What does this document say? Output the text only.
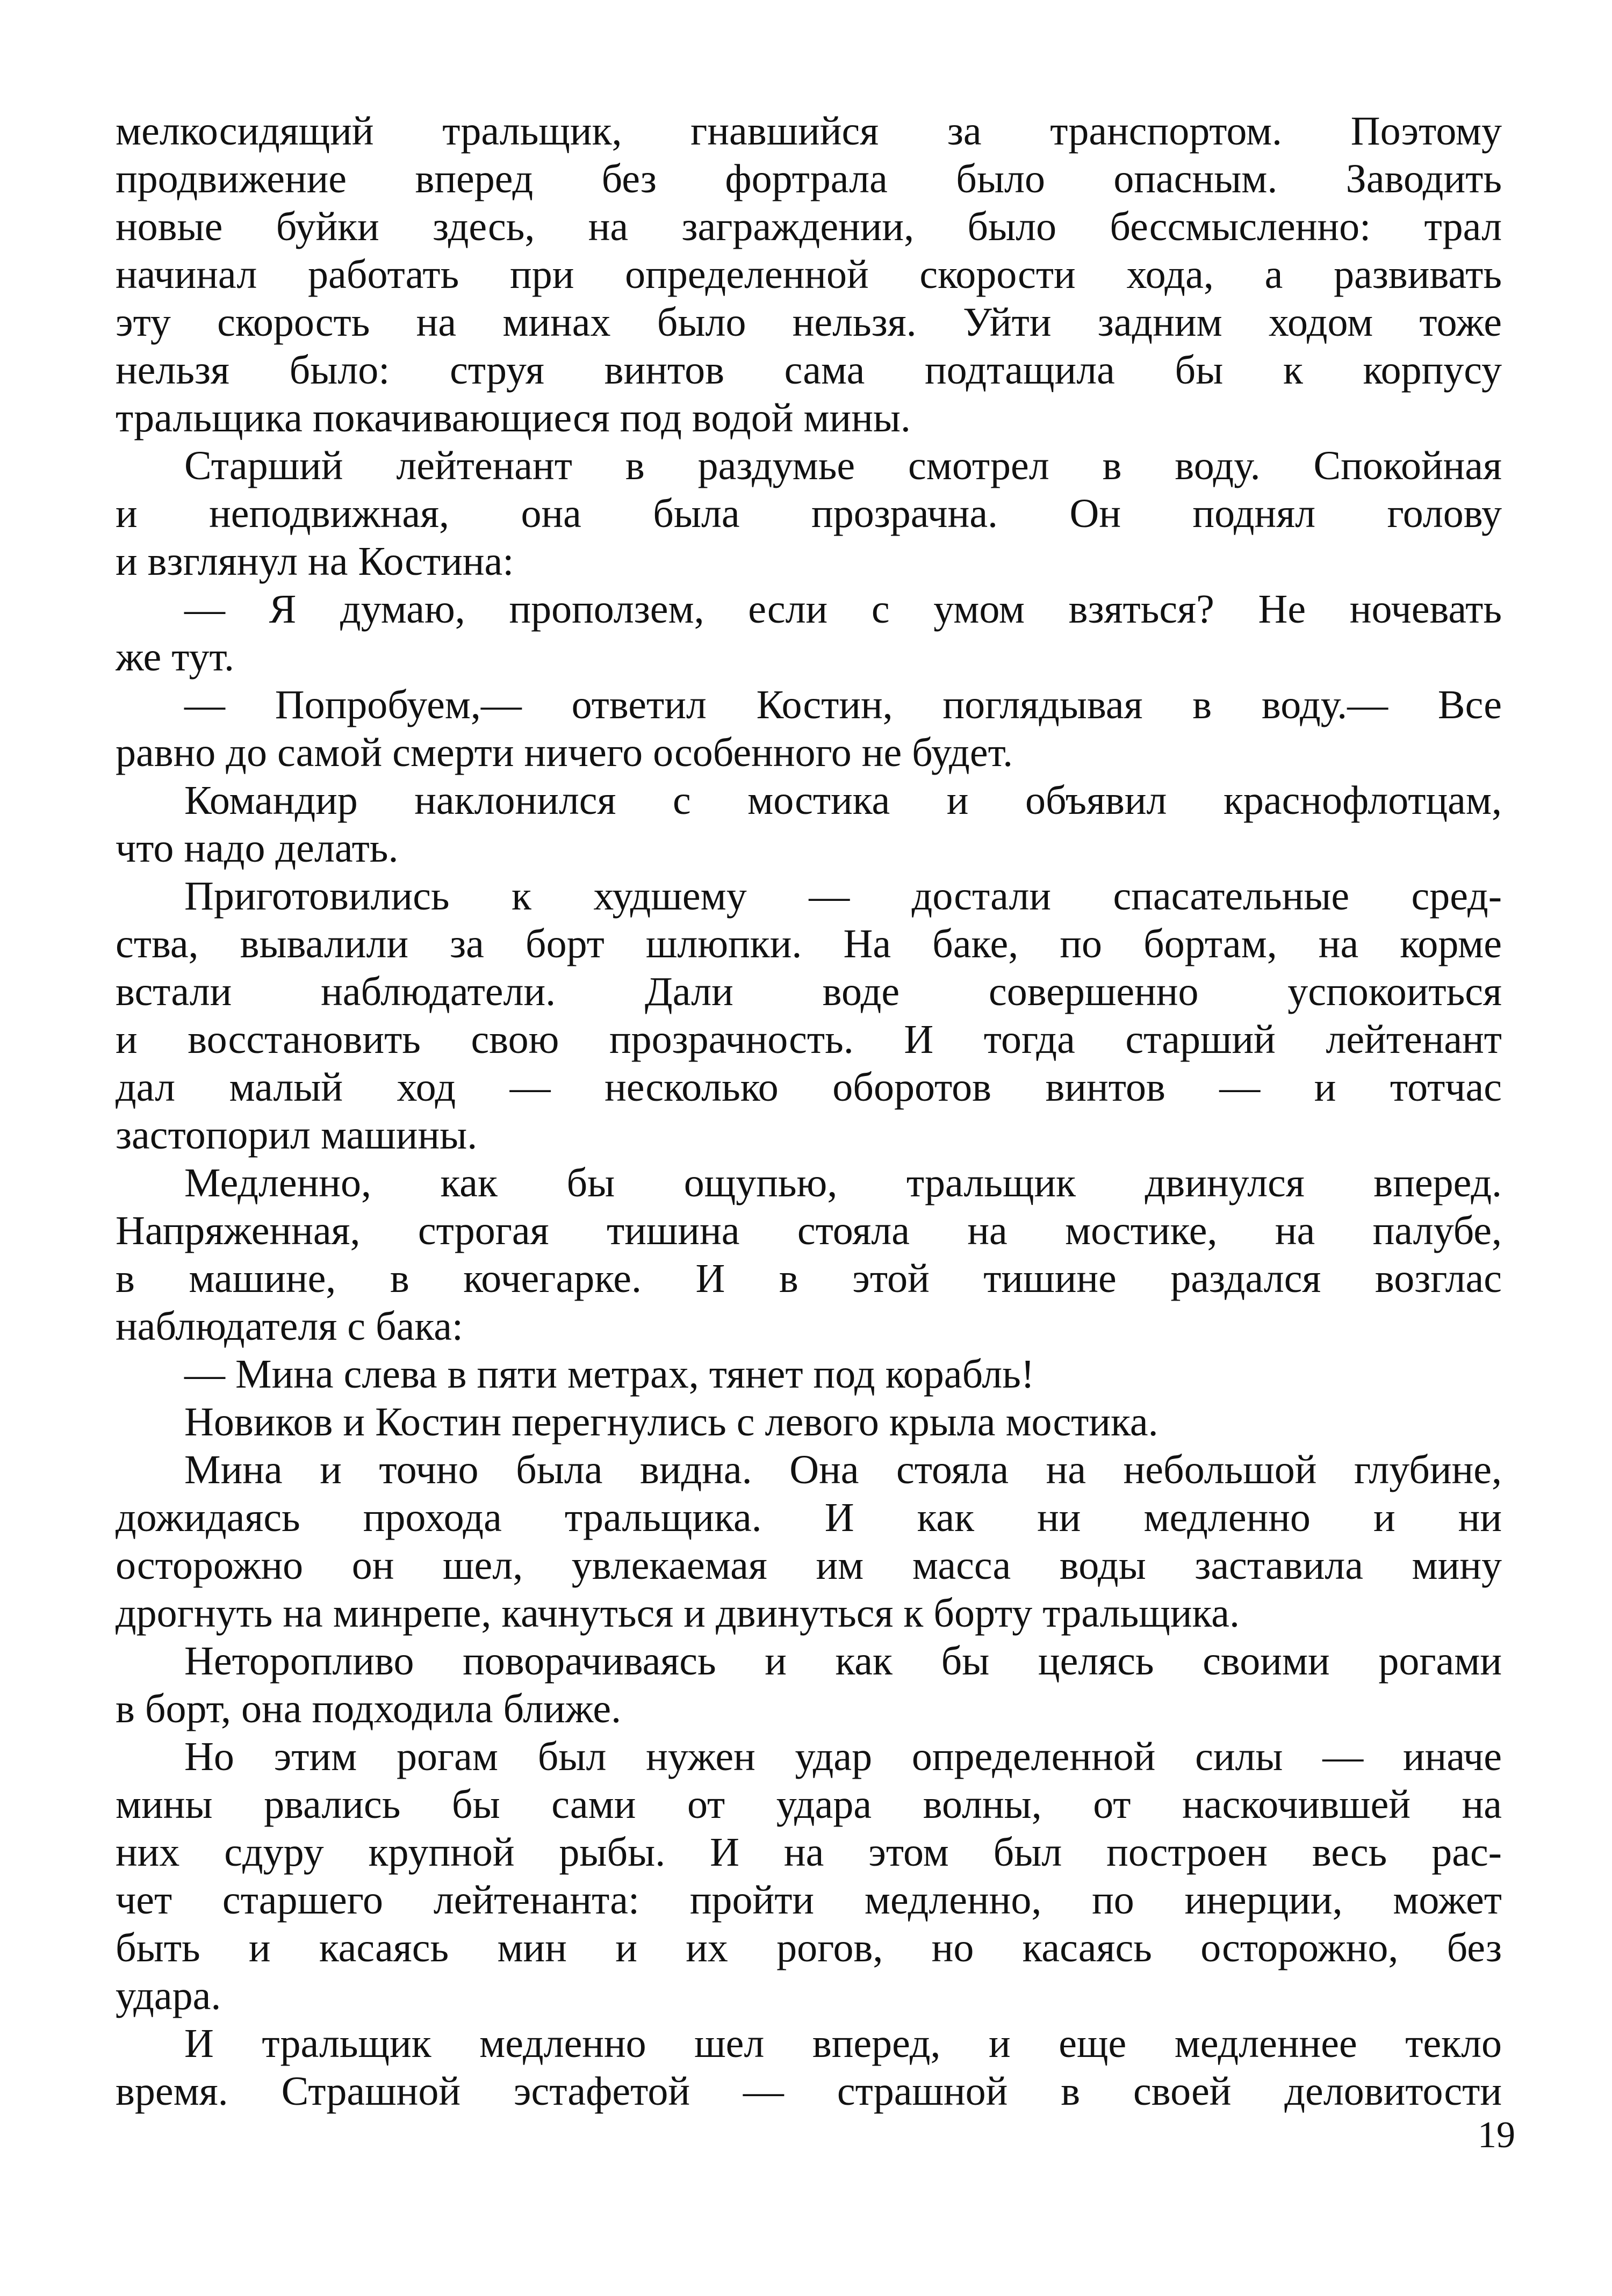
мелкосидящий тральщик, гнавшийся за транспортом. Поэтому
продвижение вперед без фортрала было опасным. Заводить
новые буйки здесь, на заграждении, было бессмысленно: трал
начинал работать при определенной скорости хода, а развивать
эту скорость на минах было нельзя. Уйти задним ходом тоже
нельзя было: струя винтов сама подтащила бы к корпусу
тральщика покачивающиеся под водой мины.
Старший лейтенант в раздумье смотрел в воду. Спокойная
и неподвижная, она была прозрачна. Он поднял голову
и взглянул на Костина:
— Я думаю, проползем, если с умом взяться? Не ночевать
же тут.
— Попробуем,— ответил Костин, поглядывая в воду.— Все
равно до самой смерти ничего особенного не будет.
Командир наклонился с мостика и объявил краснофлотцам,
что надо делать.
Приготовились к худшему — достали спасательные сред-
ства, вывалили за борт шлюпки. На баке, по бортам, на корме
встали наблюдатели. Дали воде совершенно успокоиться
и восстановить свою прозрачность. И тогда старший лейтенант
дал малый ход — несколько оборотов винтов — и тотчас
застопорил машины.
Медленно, как бы ощупью, тральщик двинулся вперед.
Напряженная, строгая тишина стояла на мостике, на палубе,
в машине, в кочегарке. И в этой тишине раздался возглас
наблюдателя с бака:
— Мина слева в пяти метрах, тянет под корабль!
Новиков и Костин перегнулись с левого крыла мостика.
Мина и точно была видна. Она стояла на небольшой глубине,
дожидаясь прохода тральщика. И как ни медленно и ни
осторожно он шел, увлекаемая им масса воды заставила мину
дрогнуть на минрепе, качнуться и двинуться к борту тральщика.
Неторопливо поворачиваясь и как бы целясь своими рогами
в борт, она подходила ближе.
Но этим рогам был нужен удар определенной силы — иначе
мины рвались бы сами от удара волны, от наскочившей на
них сдуру крупной рыбы. И на этом был построен весь рас-
чет старшего лейтенанта: пройти медленно, по инерции, может
быть и касаясь мин и их рогов, но касаясь осторожно, без
удара.
И тральщик медленно шел вперед, и еще медленнее текло
время. Страшной эстафетой — страшной в своей деловитости
19
